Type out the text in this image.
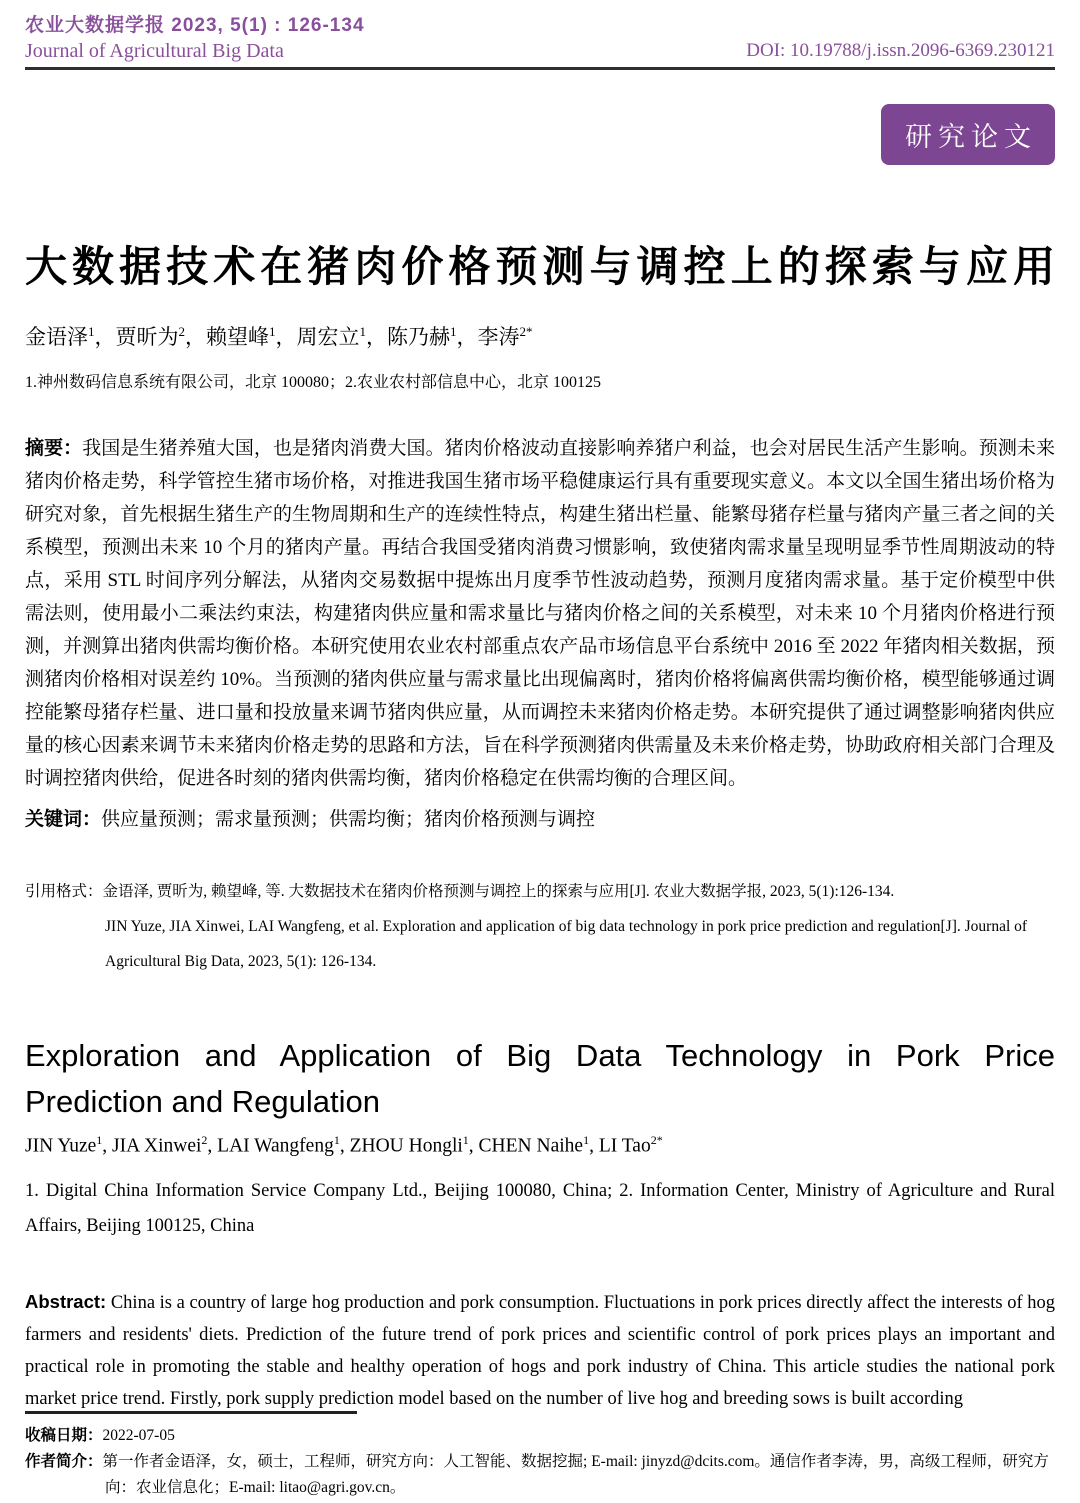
农业大数据学报 2023, 5(1) : 126-134
Journal of Agricultural Big Data	DOI: 10.19788/j.issn.2096-6369.230121
研究论文
大数据技术在猪肉价格预测与调控上的探索与应用
金语泽$^1$，贾昕为$^2$，赖望峰$^1$，周宏立$^1$，陈乃赫$^1$，李涛$^{2*}$
1.神州数码信息系统有限公司，北京 100080；2.农业农村部信息中心，北京 100125
摘要：我国是生猪养殖大国，也是猪肉消费大国。猪肉价格波动直接影响养猪户利益，也会对居民生活产生影响。预测未来猪肉价格走势，科学管控生猪市场价格，对推进我国生猪市场平稳健康运行具有重要现实意义。本文以全国生猪出场价格为研究对象，首先根据生猪生产的生物周期和生产的连续性特点，构建生猪出栏量、能繁母猪存栏量与猪肉产量三者之间的关系模型，预测出未来 10 个月的猪肉产量。再结合我国受猪肉消费习惯影响，致使猪肉需求量呈现明显季节性周期波动的特点，采用 STL 时间序列分解法，从猪肉交易数据中提炼出月度季节性波动趋势，预测月度猪肉需求量。基于定价模型中供需法则，使用最小二乘法约束法，构建猪肉供应量和需求量比与猪肉价格之间的关系模型，对未来 10 个月猪肉价格进行预测，并测算出猪肉供需均衡价格。本研究使用农业农村部重点农产品市场信息平台系统中 2016 至 2022 年猪肉相关数据，预测猪肉价格相对误差约 10%。当预测的猪肉供应量与需求量比出现偏离时，猪肉价格将偏离供需均衡价格，模型能够通过调控能繁母猪存栏量、进口量和投放量来调节猪肉供应量，从而调控未来猪肉价格走势。本研究提供了通过调整影响猪肉供应量的核心因素来调节未来猪肉价格走势的思路和方法，旨在科学预测猪肉供需量及未来价格走势，协助政府相关部门合理及时调控猪肉供给，促进各时刻的猪肉供需均衡，猪肉价格稳定在供需均衡的合理区间。
关键词：供应量预测；需求量预测；供需均衡；猪肉价格预测与调控
引用格式：金语泽, 贾昕为, 赖望峰, 等. 大数据技术在猪肉价格预测与调控上的探索与应用[J]. 农业大数据学报, 2023, 5(1):126-134.
JIN Yuze, JIA Xinwei, LAI Wangfeng, et al. Exploration and application of big data technology in pork price prediction and regulation[J]. Journal of Agricultural Big Data, 2023, 5(1): 126-134.
Exploration and Application of Big Data Technology in Pork Price Prediction and Regulation
JIN Yuze$^1$, JIA Xinwei$^2$, LAI Wangfeng$^1$, ZHOU Hongli$^1$, CHEN Naihe$^1$, LI Tao$^{2*}$
1. Digital China Information Service Company Ltd., Beijing 100080, China; 2. Information Center, Ministry of Agriculture and Rural Affairs, Beijing 100125, China
Abstract: China is a country of large hog production and pork consumption. Fluctuations in pork prices directly affect the interests of hog farmers and residents' diets. Prediction of the future trend of pork prices and scientific control of pork prices plays an important and practical role in promoting the stable and healthy operation of hogs and pork industry of China. This article studies the national pork market price trend. Firstly, pork supply prediction model based on the number of live hog and breeding sows is built according
收稿日期：2022-07-05
作者简介：第一作者金语泽，女，硕士，工程师，研究方向：人工智能、数据挖掘; E-mail: jinyzd@dcits.com。通信作者李涛，男，高级工程师，研究方向：农业信息化；E-mail: litao@agri.gov.cn。
